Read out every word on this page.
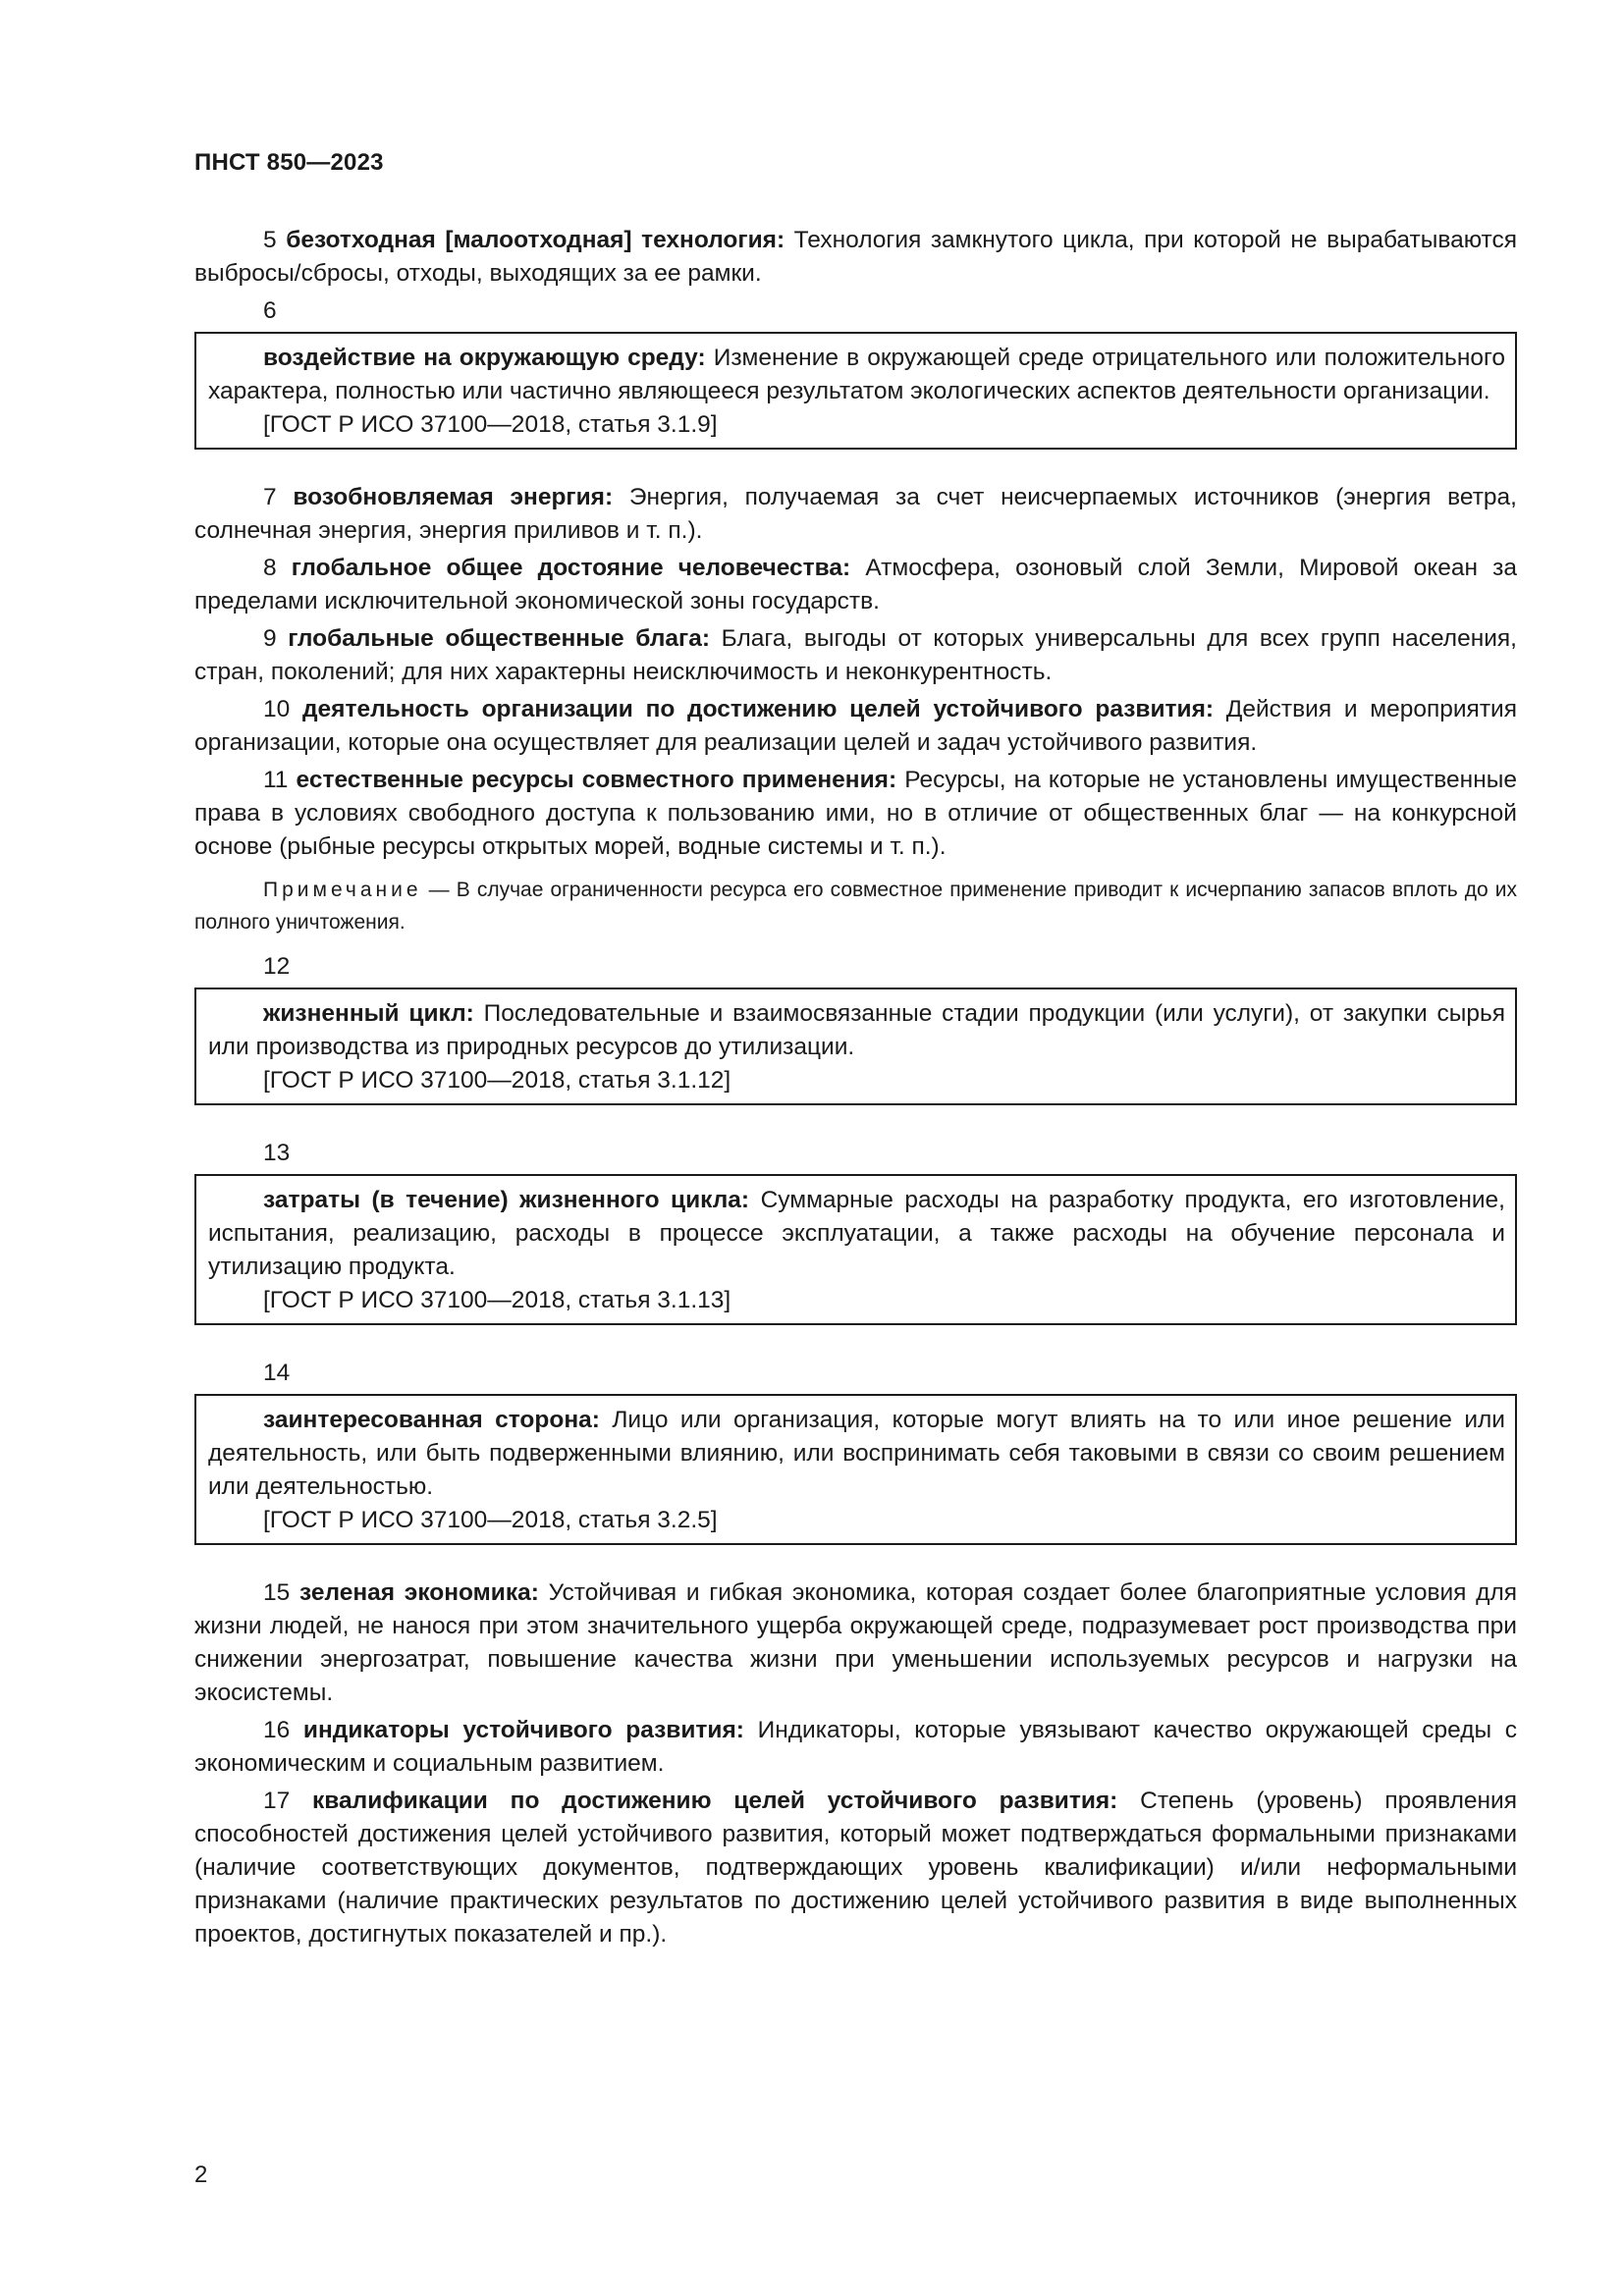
ПНСТ 850—2023

5 безотходная [малоотходная] технология: Технология замкнутого цикла, при которой не вырабатываются выбросы/сбросы, отходы, выходящих за ее рамки.

6

воздействие на окружающую среду: Изменение в окружающей среде отрицательного или положительного характера, полностью или частично являющееся результатом экологических аспектов деятельности организации.

[ГОСТ Р ИСО 37100—2018, статья 3.1.9]

7 возобновляемая энергия: Энергия, получаемая за счет неисчерпаемых источников (энергия ветра, солнечная энергия, энергия приливов и т. п.).

8 глобальное общее достояние человечества: Атмосфера, озоновый слой Земли, Мировой океан за пределами исключительной экономической зоны государств.

9 глобальные общественные блага: Блага, выгоды от которых универсальны для всех групп населения, стран, поколений; для них характерны неисключимость и неконкурентность.

10 деятельность организации по достижению целей устойчивого развития: Действия и мероприятия организации, которые она осуществляет для реализации целей и задач устойчивого развития.

11 естественные ресурсы совместного применения: Ресурсы, на которые не установлены имущественные права в условиях свободного доступа к пользованию ими, но в отличие от общественных благ — на конкурсной основе (рыбные ресурсы открытых морей, водные системы и т. п.).

Примечание — В случае ограниченности ресурса его совместное применение приводит к исчерпанию запасов вплоть до их полного уничтожения.

12

жизненный цикл: Последовательные и взаимосвязанные стадии продукции (или услуги), от закупки сырья или производства из природных ресурсов до утилизации.

[ГОСТ Р ИСО 37100—2018, статья 3.1.12]

13

затраты (в течение) жизненного цикла: Суммарные расходы на разработку продукта, его изготовление, испытания, реализацию, расходы в процессе эксплуатации, а также расходы на обучение персонала и утилизацию продукта.

[ГОСТ Р ИСО 37100—2018, статья 3.1.13]

14

заинтересованная сторона: Лицо или организация, которые могут влиять на то или иное решение или деятельность, или быть подверженными влиянию, или воспринимать себя таковыми в связи со своим решением или деятельностью.

[ГОСТ Р ИСО 37100—2018, статья 3.2.5]

15 зеленая экономика: Устойчивая и гибкая экономика, которая создает более благоприятные условия для жизни людей, не нанося при этом значительного ущерба окружающей среде, подразумевает рост производства при снижении энергозатрат, повышение качества жизни при уменьшении используемых ресурсов и нагрузки на экосистемы.

16 индикаторы устойчивого развития: Индикаторы, которые увязывают качество окружающей среды с экономическим и социальным развитием.

17 квалификации по достижению целей устойчивого развития: Степень (уровень) проявления способностей достижения целей устойчивого развития, который может подтверждаться формальными признаками (наличие соответствующих документов, подтверждающих уровень квалификации) и/или неформальными признаками (наличие практических результатов по достижению целей устойчивого развития в виде выполненных проектов, достигнутых показателей и пр.).

2
